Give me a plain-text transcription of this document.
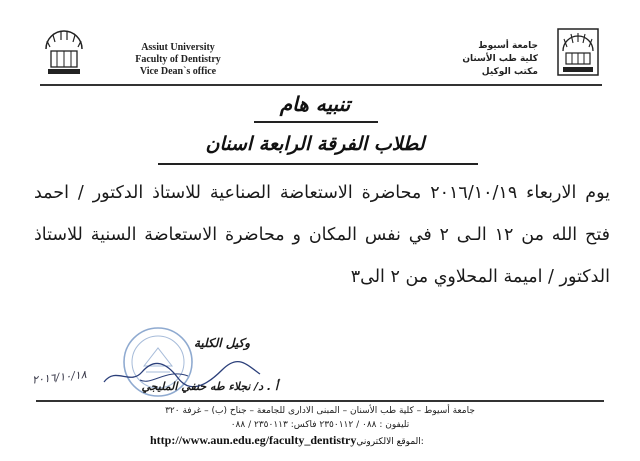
Assiut University
Faculty of Dentistry
Vice Dean`s office
جامعة أسيوط
كلية طب الأسنان
مكتب الوكيل
تنبيه هام
لطلاب الفرقة الرابعة اسنان
يوم الاربعاء ٢٠١٦/١٠/١٩ محاضرة الاستعاضة الصناعية للاستاذ الدكتور / احمد فتح الله من ١٢ الـى ٢ في نفس المكان و محاضرة الاستعاضة السنية للاستاذ الدكتور / اميمة المحلاوي من ٢ الى٣
وكيل الكلية
٢٠١٦/١٠/١٨	أ . د/ نجلاء طه حنفي المليجي
جامعة أسيوط – كلية طب الأسنان – المبنى الادارى للجامعة – جناح (ب) – غرفة ٣٢٠
تليفون : ٠٨٨ / ٢٣٥٠١١٢ فاكس: ٢٣٥٠١١٣ / ٠٨٨
http://www.aun.edu.eg/faculty_dentistryالموقع الالكتروني:
